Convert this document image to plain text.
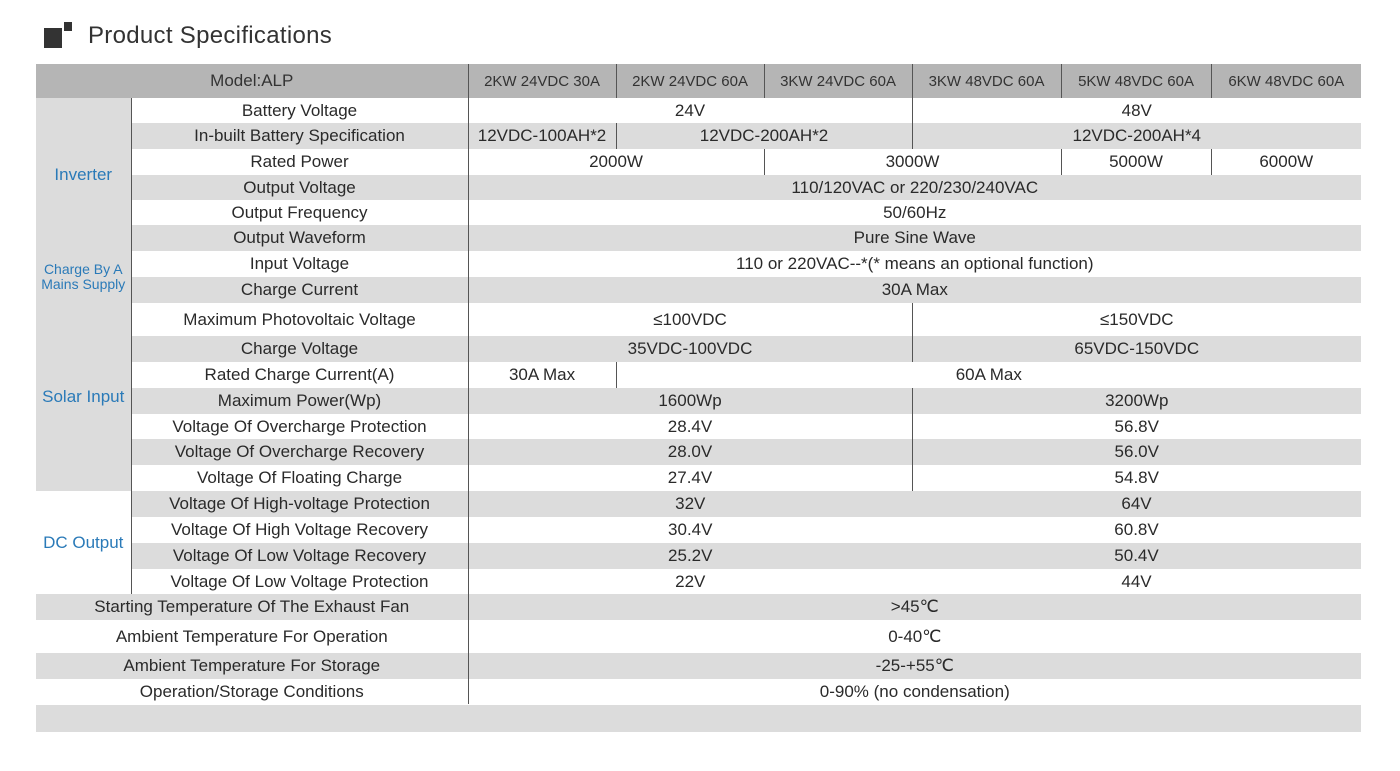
Product Specifications
Model:ALP		2KW 24VDC 30A	2KW 24VDC 60A	3KW 24VDC 60A	3KW 48VDC 60A	5KW 48VDC 60A	6KW 48VDC 60A
Inverter	Battery Voltage	24V			48V		
	In-built Battery Specification	12VDC-100AH*2	12VDC-200AH*2		12VDC-200AH*4		
	Rated Power	2000W		3000W		5000W	6000W
	Output Voltage	110/120VAC or 220/230/240VAC					
	Output Frequency	50/60Hz					
	Output Waveform	Pure Sine Wave					
Charge By A Mains Supply	Input Voltage	110 or 220VAC--*(* means an optional function)					
	Charge Current	30A Max					
Solar Input	Maximum Photovoltaic Voltage	≤100VDC			≤150VDC		
	Charge Voltage	35VDC-100VDC			65VDC-150VDC		
	Rated Charge Current(A)	30A Max	60A Max				
	Maximum Power(Wp)	1600Wp			3200Wp		
	Voltage Of Overcharge Protection	28.4V			56.8V		
	Voltage Of Overcharge Recovery	28.0V			56.0V		
	Voltage Of Floating Charge	27.4V			54.8V		
DC Output	Voltage Of High-voltage Protection	32V			64V		
	Voltage Of High Voltage Recovery	30.4V			60.8V		
	Voltage Of Low Voltage Recovery	25.2V			50.4V		
	Voltage Of Low Voltage Protection	22V			44V		
Starting Temperature Of The Exhaust Fan		>45℃					
Ambient Temperature For Operation		0-40℃					
Ambient Temperature For Storage		-25-+55℃					
Operation/Storage Conditions		0-90% (no condensation)					
